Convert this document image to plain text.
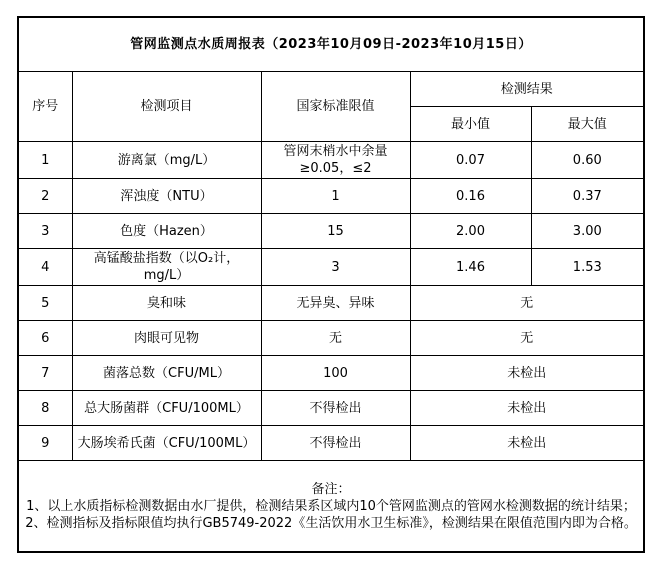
管网监测点水质周报表（2023年10月09日-2023年10月15日）				
序号	检测项目	国家标准限值	检测结果	
			最小值	最大值
1	游离氯（mg/L）	管网末梢水中余量≥0.05，≤2	0.07	0.60
2	浑浊度（NTU）	1	0.16	0.37
3	色度（Hazen）	15	2.00	3.00
4	高锰酸盐指数（以O₂计，mg/L）	3	1.46	1.53
5	臭和味	无异臭、异味	无	
6	肉眼可见物	无	无	
7	菌落总数（CFU/ML）	100	未检出	
8	总大肠菌群（CFU/100ML）	不得检出	未检出	
9	大肠埃希氏菌（CFU/100ML）	不得检出	未检出	

备注：
1、以上水质指标检测数据由水厂提供，检测结果系区域内10个管网监测点的管网水检测数据的统计结果；
2、检测指标及指标限值均执行GB5749-2022《生活饮用水卫生标准》，检测结果在限值范围内即为合格。				
